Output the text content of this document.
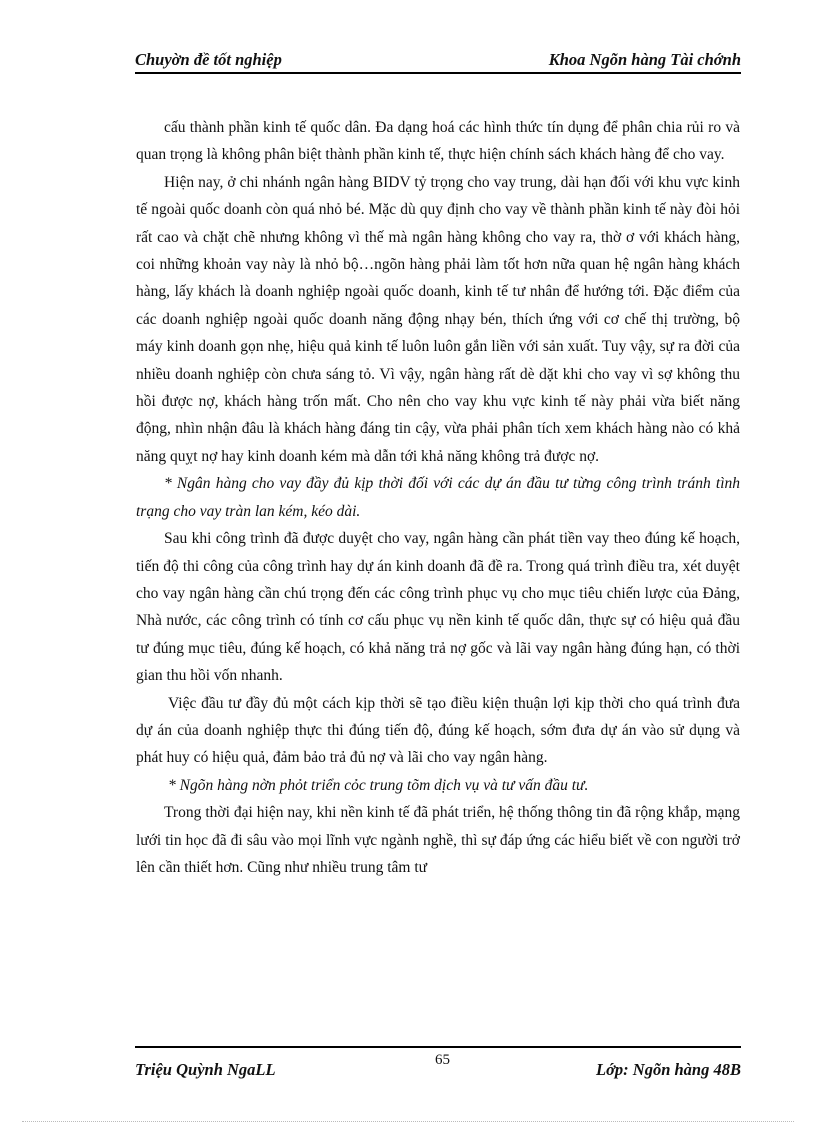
Chuyờn đề tốt nghiệp	Khoa Ngõn hàng Tài chớnh

cấu thành phần kinh tế quốc dân. Đa dạng hoá các hình thức tín dụng để phân chia rủi ro và quan trọng là không phân biệt thành phần kinh tế, thực hiện chính sách khách hàng để cho vay.

Hiện nay, ở chi nhánh ngân hàng BIDV tỷ trọng cho vay trung, dài hạn đối với khu vực kinh tế ngoài quốc doanh còn quá nhỏ bé. Mặc dù quy định cho vay về thành phần kinh tế này đòi hỏi rất cao và chặt chẽ nhưng không vì thế mà ngân hàng không cho vay ra, thờ ơ với khách hàng, coi những khoản vay này là nhỏ bộ…ngõn hàng phải làm tốt hơn nữa quan hệ ngân hàng khách hàng, lấy khách là doanh nghiệp ngoài quốc doanh, kinh tế tư nhân để hướng tới. Đặc điểm của các doanh nghiệp ngoài quốc doanh năng động nhạy bén, thích ứng với cơ chế thị trường, bộ máy kinh doanh gọn nhẹ, hiệu quả kinh tế luôn luôn gắn liền với sản xuất. Tuy vậy, sự ra đời của nhiều doanh nghiệp còn chưa sáng tỏ. Vì vậy, ngân hàng rất dè dặt khi cho vay vì sợ không thu hồi được nợ, khách hàng trốn mất. Cho nên cho vay khu vực kinh tế này phải vừa biết năng động, nhìn nhận đâu là khách hàng đáng tin cậy, vừa phải phân tích xem khách hàng nào có khả năng quỵt nợ hay kinh doanh kém mà dẫn tới khả năng không trả được nợ.

* Ngân hàng cho vay đầy đủ kịp thời đối với các dự án đầu tư từng công trình tránh tình trạng cho vay tràn lan kém, kéo dài.

Sau khi công trình đã được duyệt cho vay, ngân hàng cần phát tiền vay theo đúng kế hoạch, tiến độ thi công của công trình hay dự án kinh doanh đã đề ra. Trong quá trình điều tra, xét duyệt cho vay ngân hàng cần chú trọng đến các công trình phục vụ cho mục tiêu chiến lược của Đảng, Nhà nước, các công trình có tính cơ cấu phục vụ nền kinh tế quốc dân, thực sự có hiệu quả đầu tư đúng mục tiêu, đúng kế hoạch, có khả năng trả nợ gốc và lãi vay ngân hàng đúng hạn, có thời gian thu hồi vốn nhanh.

Việc đầu tư đầy đủ một cách kịp thời sẽ tạo điều kiện thuận lợi kịp thời cho quá trình đưa dự án của doanh nghiệp thực thi đúng tiến độ, đúng kế hoạch, sớm đưa dự án vào sử dụng và phát huy có hiệu quả, đảm bảo trả đủ nợ và lãi cho vay ngân hàng.

* Ngõn hàng nờn phỏt triển cỏc trung tõm dịch vụ và tư vấn đầu tư.

Trong thời đại hiện nay, khi nền kinh tế đã phát triển, hệ thống thông tin đã rộng khắp, mạng lưới tin học đã đi sâu vào mọi lĩnh vực ngành nghề, thì sự đáp ứng các hiểu biết về con người trở lên cần thiết hơn. Cũng như nhiều trung tâm tư

Triệu Quỳnh NgaLL	65	Lớp: Ngõn hàng 48B
